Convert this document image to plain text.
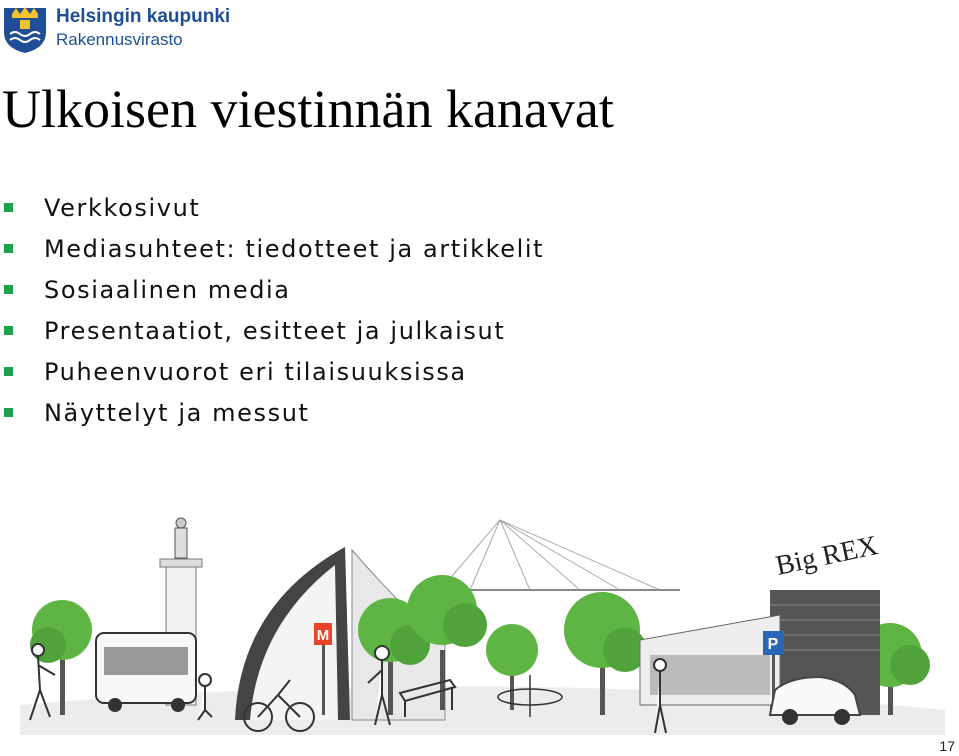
Helsingin kaupunki
Rakennusvirasto
Ulkoisen viestinnän kanavat
Verkkosivut
Mediasuhteet: tiedotteet ja artikkelit
Sosiaalinen media
Presentaatiot, esitteet ja julkaisut
Puheenvuorot eri tilaisuuksissa
Näyttelyt ja messut
M
Big REX
P
17
